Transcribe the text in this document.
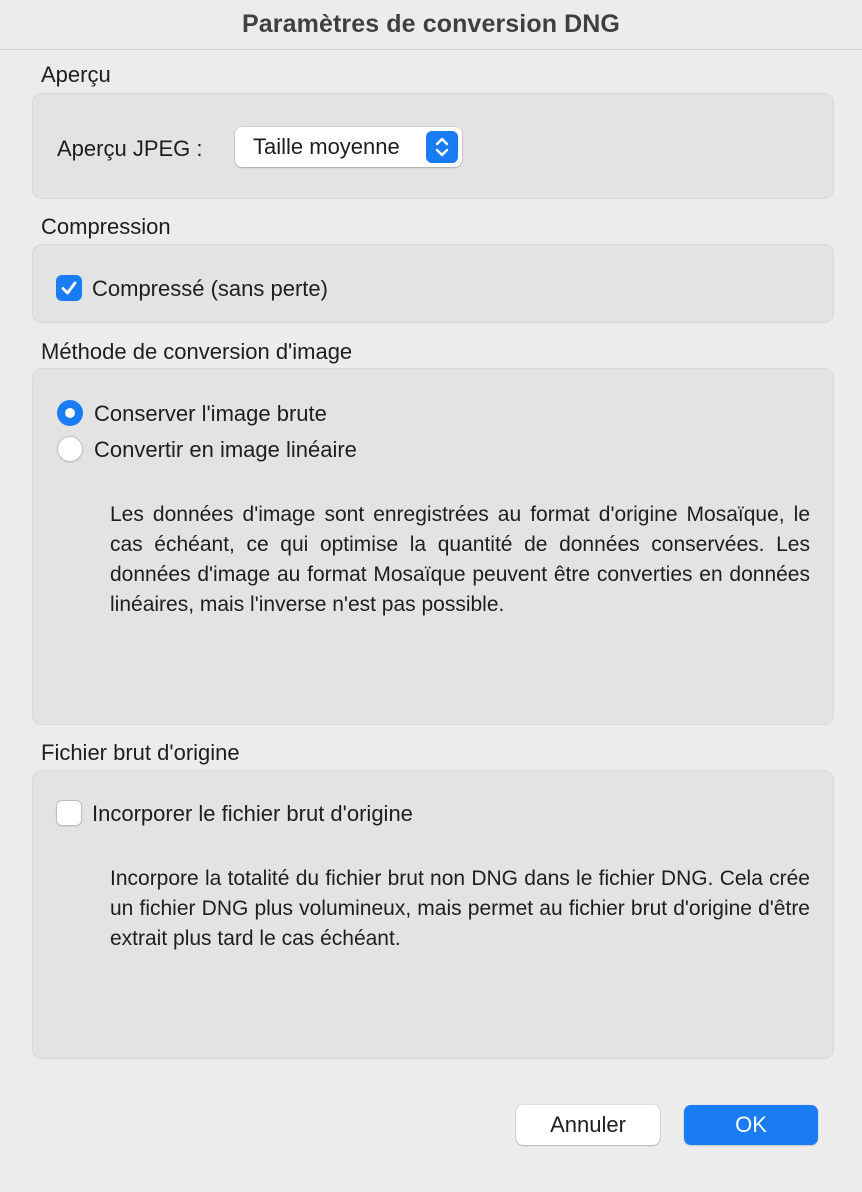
Paramètres de conversion DNG
Aperçu
Aperçu JPEG : Taille moyenne
Compression
Compressé (sans perte)
Méthode de conversion d'image
Conserver l'image brute
Convertir en image linéaire
Les données d'image sont enregistrées au format d'origine Mosaïque, le cas échéant, ce qui optimise la quantité de données conservées. Les données d'image au format Mosaïque peuvent être converties en données linéaires, mais l'inverse n'est pas possible.
Fichier brut d'origine
Incorporer le fichier brut d'origine
Incorpore la totalité du fichier brut non DNG dans le fichier DNG. Cela crée un fichier DNG plus volumineux, mais permet au fichier brut d'origine d'être extrait plus tard le cas échéant.
Annuler	OK
